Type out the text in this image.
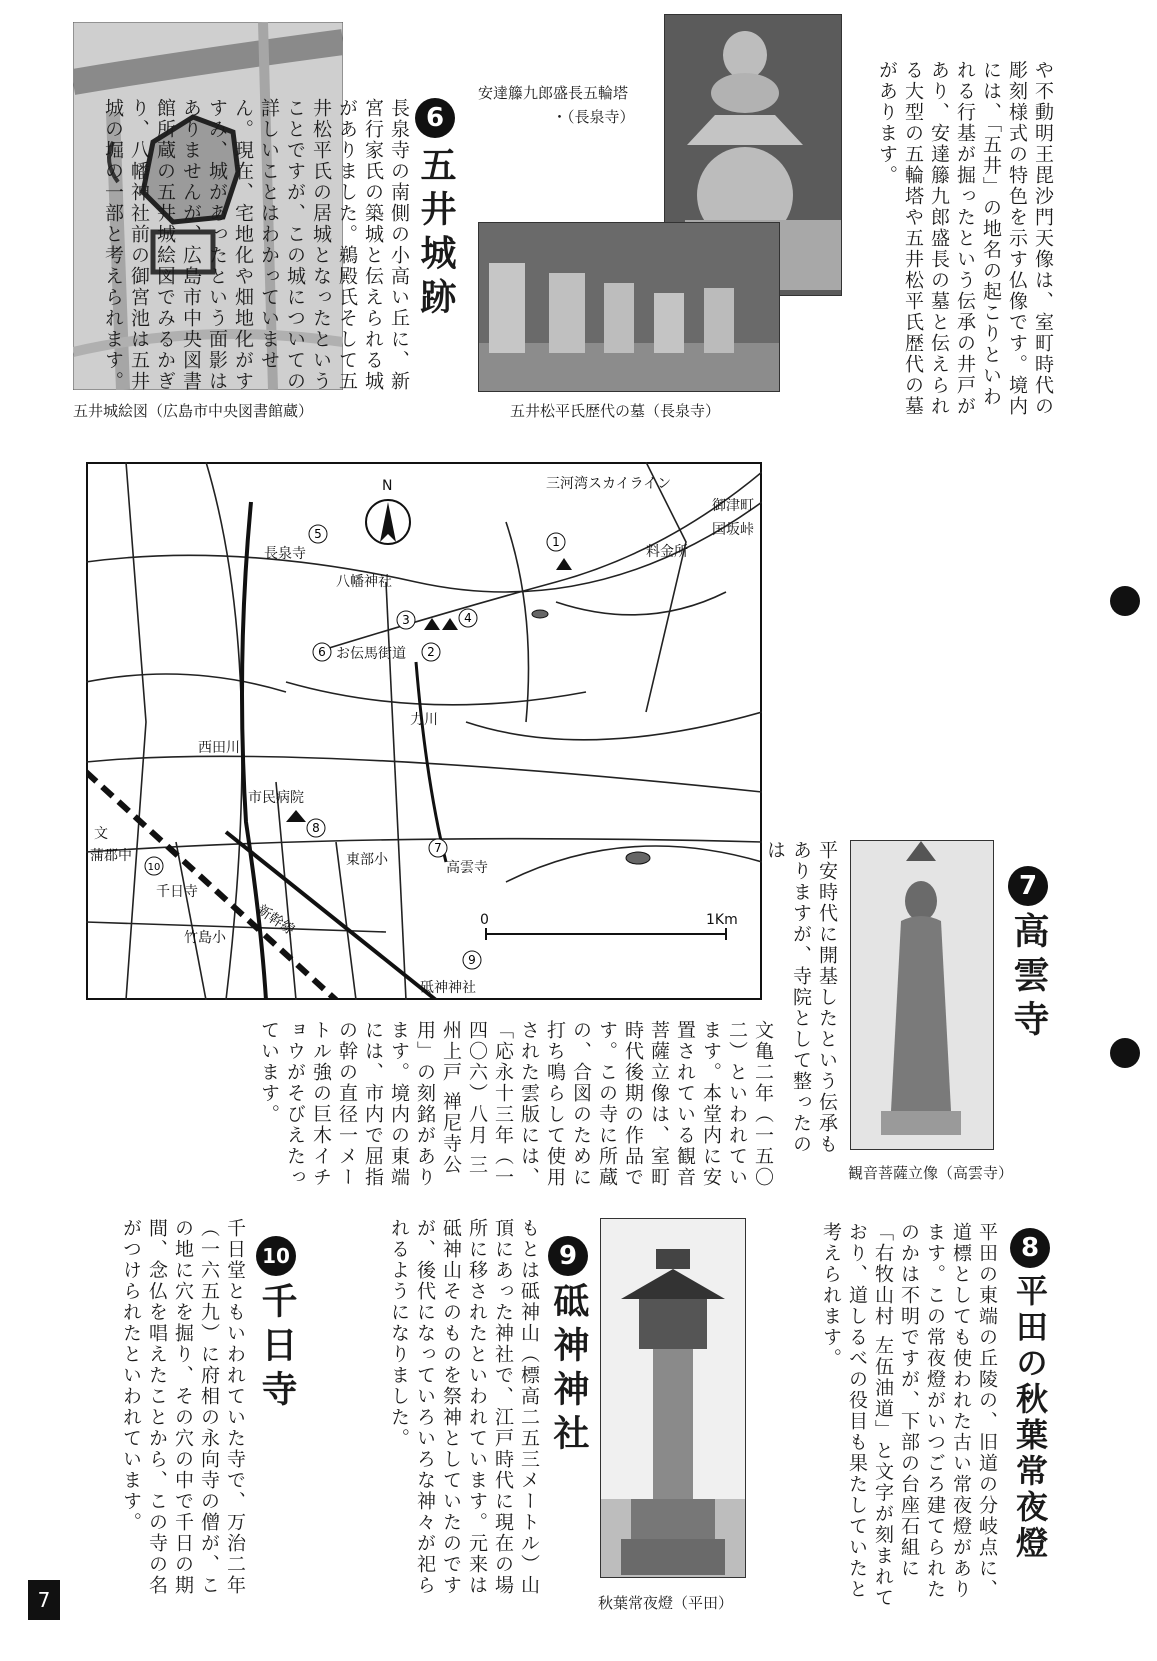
五井城絵図（広島市中央図書館蔵）
6
五井城跡
長泉寺の南側の小高い丘に、新宮行家氏の築城と伝えられる城がありました。鵜殿氏そして五井松平氏の居城となったということですが、この城についての詳しいことはわかっていません。現在、宅地化や畑地化がすすみ、城があったという面影はありませんが、広島市中央図書館所蔵の五井城絵図でみるかぎり、八幡神社前の御宮池は五井城の堀の一部と考えられます。
安達籐九郎盛長五輪塔
・（長泉寺）
五井松平氏歴代の墓（長泉寺）	や不動明王毘沙門天像は、室町時代の彫刻様式の特色を示す仏像です。境内には、「五井」の地名の起こりといわれる行基が掘ったという伝承の井戸があり、安達籐九郎盛長の墓と伝えられる大型の五輪塔や五井松平氏歴代の墓があります。
N
0	1Km
三河湾スカイライン
御津町
国坂峠
料金所
長泉寺
八幡神社
お伝馬街道
西田川
力川
市民病院
東部小	高雲寺
文
蒲郡中
千日寺
新幹線
竹島小
砥神神社
1
2
3	4
5
6
7
8
9
10	平安時代に開基したという伝承もありますが、寺院として整ったのは
観音菩薩立像（高雲寺）
7
高雲寺
文亀二年（一五〇二）といわれています。本堂内に安置されている観音菩薩立像は、室町時代後期の作品です。この寺に所蔵の、合図のために打ち鳴らして使用された雲版には、「応永十三年（一四〇六）八月 三州上戸 禅尼寺公用」の刻銘があります。境内の東端には、市内で屈指の幹の直径一メートル強の巨木イチョウがそびえたっています。
8
平田の秋葉常夜燈
平田の東端の丘陵の、旧道の分岐点に、道標としても使われた古い常夜燈があります。この常夜燈がいつごろ建てられたのかは不明ですが、下部の台座石組に「右牧山村 左伍油道」と文字が刻まれており、道しるべの役目も果たしていたと考えられます。
秋葉常夜燈（平田）
9
砥神神社
もとは砥神山（標高二五三メートル）山頂にあった神社で、江戸時代に現在の場所に移されたといわれています。元来は砥神山そのものを祭神としていたのですが、後代になっていろいろな神々が祀られるようになりました。
10
千日寺
千日堂ともいわれていた寺で、万治二年（一六五九）に府相の永向寺の僧が、この地に穴を掘り、その穴の中で千日の期間、念仏を唱えたことから、この寺の名がつけられたといわれています。
7
